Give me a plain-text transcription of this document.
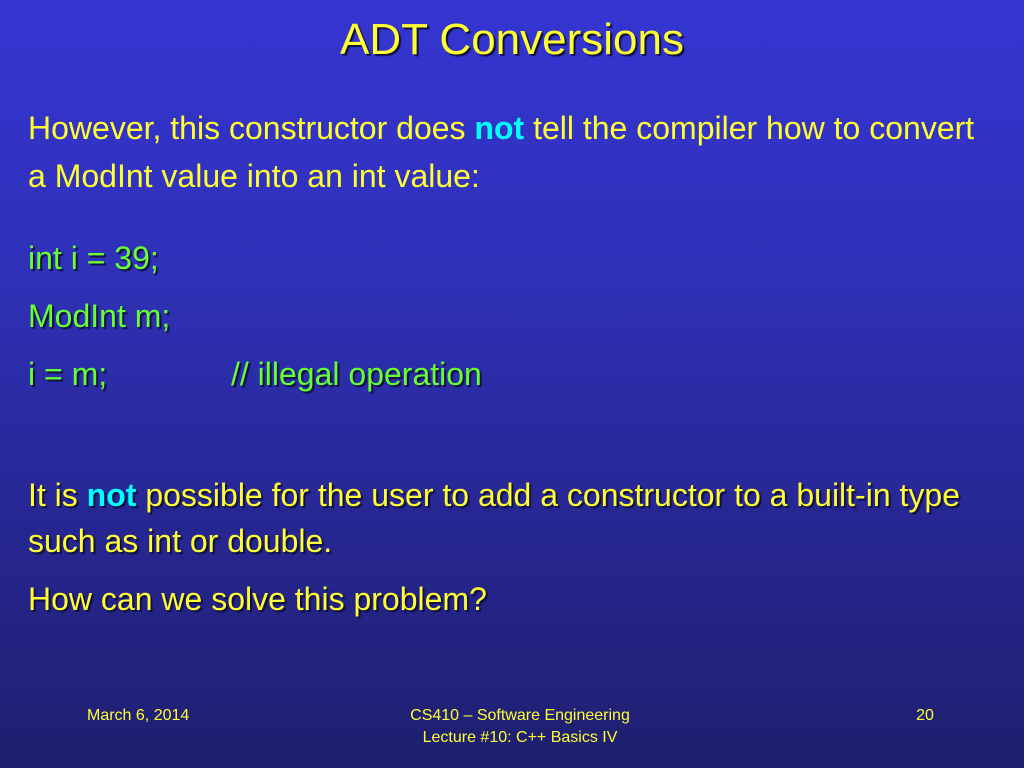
ADT Conversions
However, this constructor does not tell the compiler how to convert a ModInt value into an int value:
int i = 39;
ModInt m;
i = m;	// illegal operation
It is not possible for the user to add a constructor to a built-in type such as int or double.
How can we solve this problem?
March 6, 2014	CS410 – Software Engineering
Lecture #10: C++ Basics IV
20
